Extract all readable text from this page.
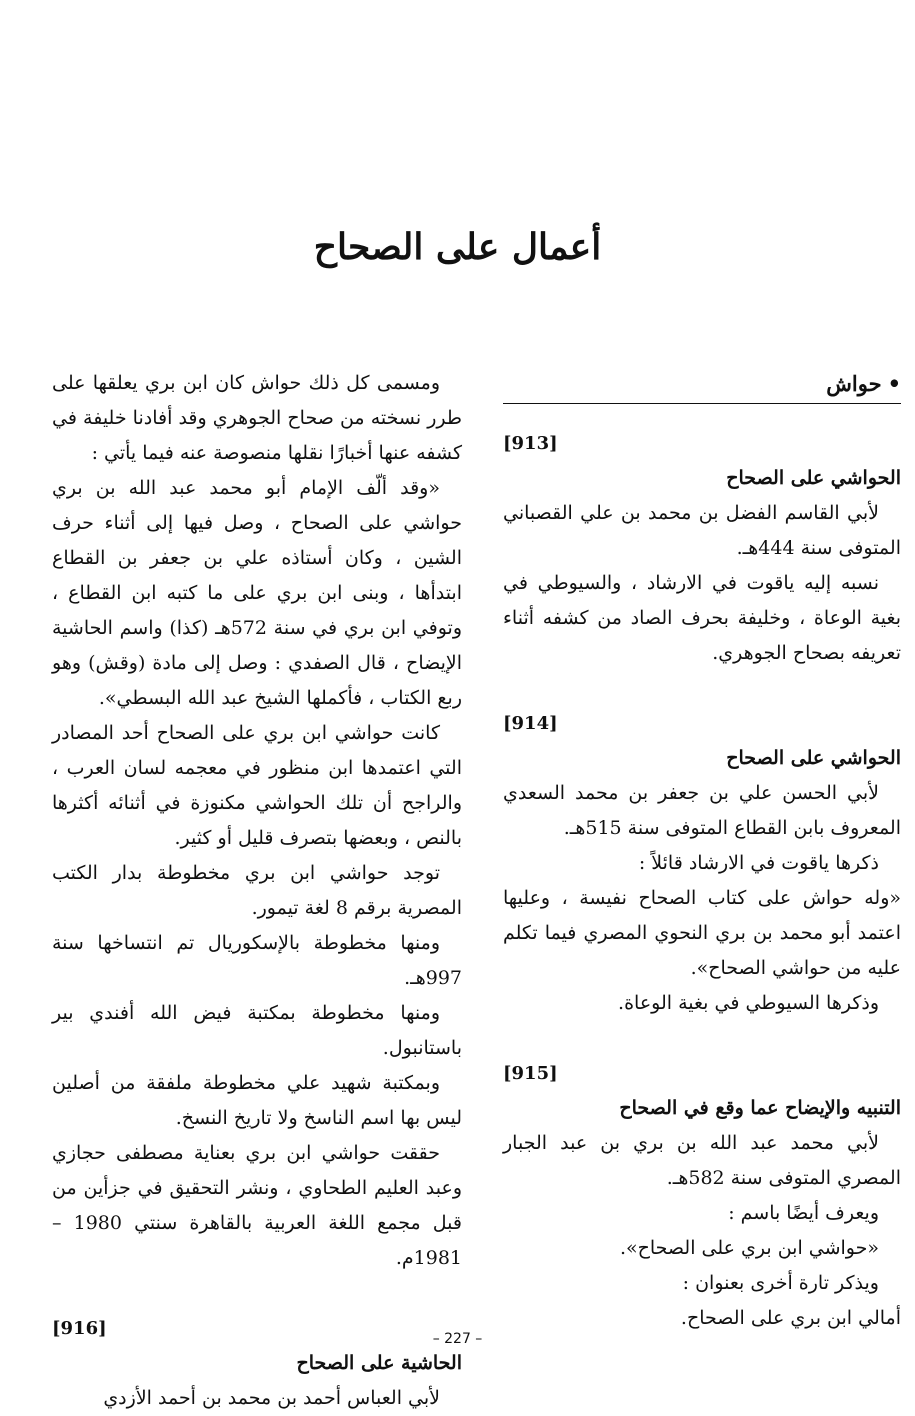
أعمال على الصحاح
•حواش

[913]

الحواشي على الصحاح

لأبي القاسم الفضل بن محمد بن علي القصباني المتوفى سنة 444هـ.

نسبه إليه ياقوت في الارشاد ، والسيوطي في بغية الوعاة ، وخليفة بحرف الصاد من كشفه أثناء تعريفه بصحاح الجوهري.

[914]

الحواشي على الصحاح

لأبي الحسن علي بن جعفر بن محمد السعدي المعروف بابن القطاع المتوفى سنة 515هـ.

ذكرها ياقوت في الارشاد قائلاً :

«وله حواش على كتاب الصحاح نفيسة ، وعليها اعتمد أبو محمد بن بري النحوي المصري فيما تكلم عليه من حواشي الصحاح».

وذكرها السيوطي في بغية الوعاة.

[915]

التنبيه والإيضاح عما وقع في الصحاح

لأبي محمد عبد الله بن بري بن عبد الجبار المصري المتوفى سنة 582هـ.

ويعرف أيضًا باسم :

«حواشي ابن بري على الصحاح».

ويذكر تارة أخرى بعنوان :

أمالي ابن بري على الصحاح.

ومسمى كل ذلك حواش كان ابن بري يعلقها على طرر نسخته من صحاح الجوهري وقد أفادنا خليفة في كشفه عنها أخبارًا نقلها منصوصة عنه فيما يأتي :

«وقد ألّف الإمام أبو محمد عبد الله بن بري حواشي على الصحاح ، وصل فيها إلى أثناء حرف الشين ، وكان أستاذه علي بن جعفر بن القطاع ابتدأها ، وبنى ابن بري على ما كتبه ابن القطاع ، وتوفي ابن بري في سنة 572هـ (كذا) واسم الحاشية الإيضاح ، قال الصفدي : وصل إلى مادة (وقش) وهو ربع الكتاب ، فأكملها الشيخ عبد الله البسطي».

كانت حواشي ابن بري على الصحاح أحد المصادر التي اعتمدها ابن منظور في معجمه لسان العرب ، والراجح أن تلك الحواشي مكنوزة في أثنائه أكثرها بالنص ، وبعضها بتصرف قليل أو كثير.

توجد حواشي ابن بري مخطوطة بدار الكتب المصرية برقم 8 لغة تيمور.

ومنها مخطوطة بالإسكوريال تم انتساخها سنة 997هـ.

ومنها مخطوطة بمكتبة فيض الله أفندي بير باستانبول.

وبمكتبة شهيد علي مخطوطة ملفقة من أصلين ليس بها اسم الناسخ ولا تاريخ النسخ.

حققت حواشي ابن بري بعناية مصطفى حجازي وعبد العليم الطحاوي ، ونشر التحقيق في جزأين من قبل مجمع اللغة العربية بالقاهرة سنتي 1980 – 1981م.

[916]

الحاشية على الصحاح

لأبي العباس أحمد بن محمد بن أحمد الأزدي

– 227 –
